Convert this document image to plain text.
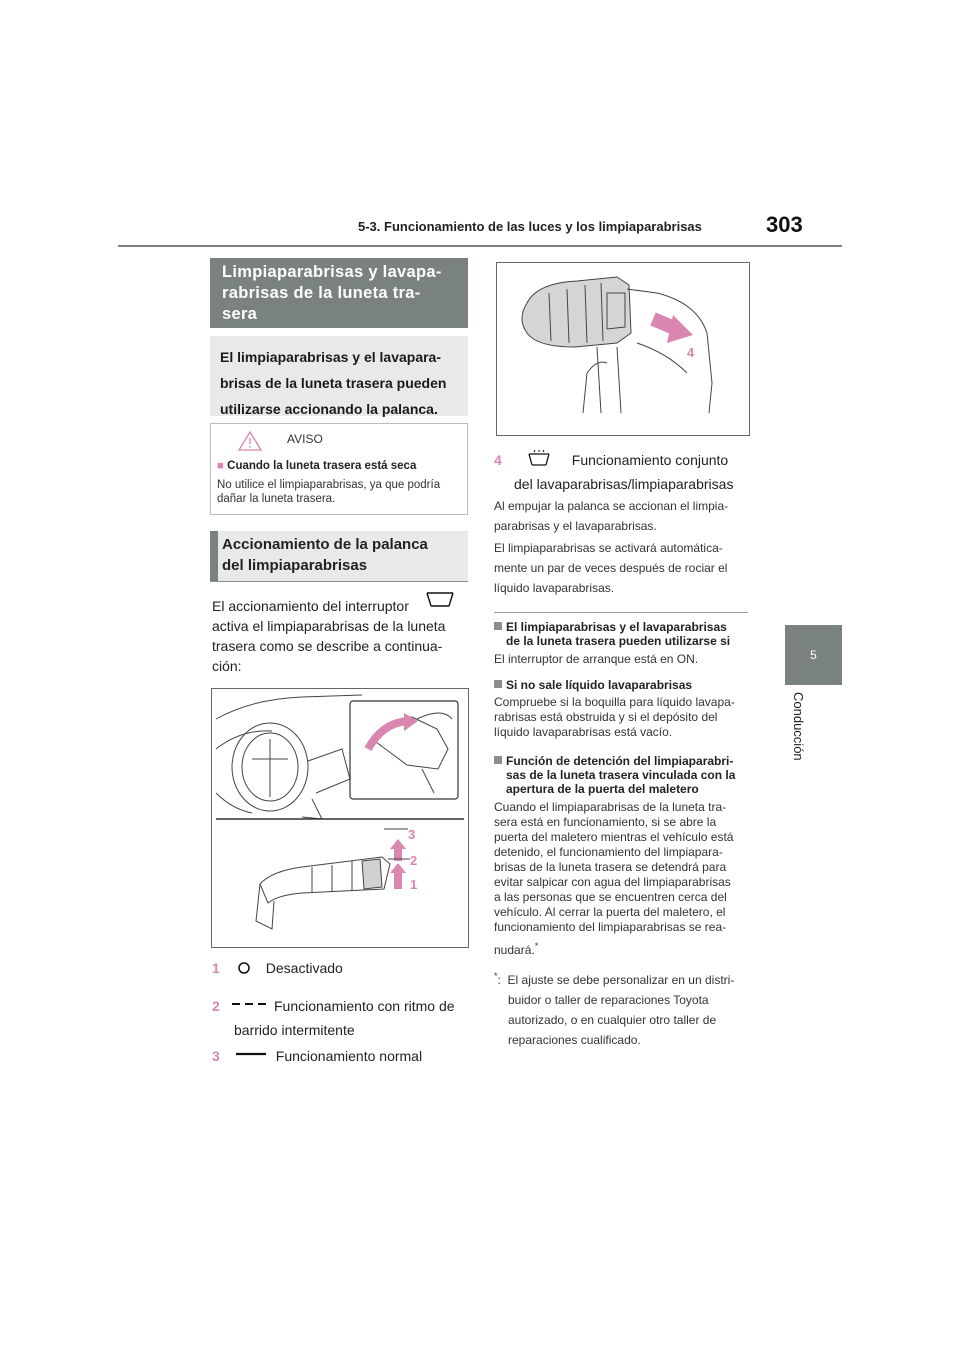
5-3. Funcionamiento de las luces y los limpiaparabrisas	303
5
Conducción
Limpiaparabrisas y lavapa-
rabrisas de la luneta tra-
sera
El limpiaparabrisas y el lavapara-
brisas de la luneta trasera pueden
utilizarse accionando la palanca.
AVISO
■ Cuando la luneta trasera está seca
No utilice el limpiaparabrisas, ya que podría dañar la luneta trasera.
Accionamiento de la palanca
del limpiaparabrisas
El accionamiento del interruptor
activa el limpiaparabrisas de la luneta
trasera como se describe a continua-
ción:
3
2
1
1	Desactivado
2	Funcionamiento con ritmo de
barrido intermitente
3	Funcionamiento normal
4
4	Funcionamiento conjunto
del lavaparabrisas/limpiaparabrisas
Al empujar la palanca se accionan el limpia-
parabrisas y el lavaparabrisas.
El limpiaparabrisas se activará automática-
mente un par de veces después de rociar el
líquido lavaparabrisas.
El limpiaparabrisas y el lavaparabrisas
de la luneta trasera pueden utilizarse si
El interruptor de arranque está en ON.
Si no sale líquido lavaparabrisas
Compruebe si la boquilla para líquido lavapa-
rabrisas está obstruida y si el depósito del
líquido lavaparabrisas está vacío.
Función de detención del limpiaparabri-
sas de la luneta trasera vinculada con la
apertura de la puerta del maletero
Cuando el limpiaparabrisas de la luneta tra-
sera está en funcionamiento, si se abre la
puerta del maletero mientras el vehículo está
detenido, el funcionamiento del limpiapara-
brisas de la luneta trasera se detendrá para
evitar salpicar con agua del limpiaparabrisas
a las personas que se encuentren cerca del
vehículo. Al cerrar la puerta del maletero, el
funcionamiento del limpiaparabrisas se rea-
nudará.*
*:  El ajuste se debe personalizar en un distri-
buidor o taller de reparaciones Toyota
autorizado, o en cualquier otro taller de
reparaciones cualificado.
